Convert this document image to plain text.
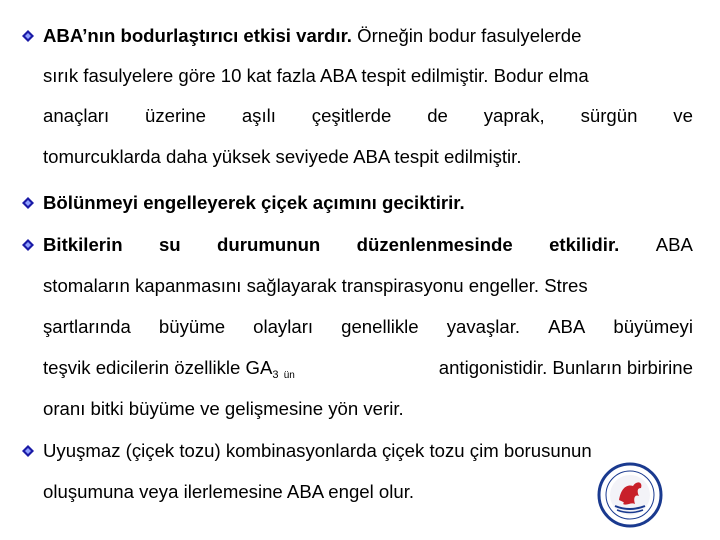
ABA’nın bodurlaştırıcı etkisi vardır. Örneğin bodur fasulyelerde
sırık fasulyelere göre 10 kat fazla ABA tespit edilmiştir. Bodur elma
anaçları üzerine aşılı çeşitlerde de yaprak, sürgün ve
tomurcuklarda daha yüksek seviyede ABA tespit edilmiştir.
Bölünmeyi engelleyerek çiçek açımını geciktirir.
Bitkilerin su durumunun düzenlenmesinde etkilidir. ABA
stomaların kapanmasını sağlayarak transpirasyonu engeller. Stres
şartlarında büyüme olayları genellikle yavaşlar. ABA büyümeyi
teşvik edicilerin özellikle $GA_3$ $_{ün}$	antigonistidir. Bunların birbirine
oranı bitki büyüme ve gelişmesine yön verir.
Uyuşmaz (çiçek tozu) kombinasyonlarda çiçek tozu çim borusunun
oluşumuna veya ilerlemesine ABA engel olur.
